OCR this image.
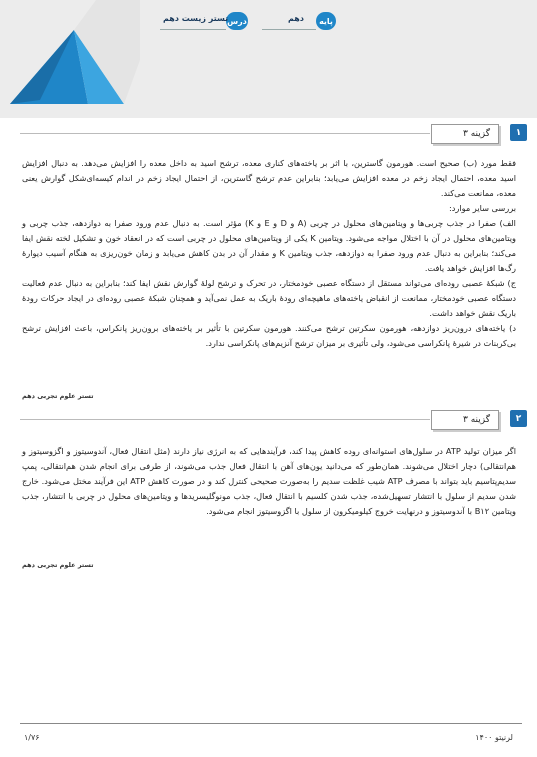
پایه
دهم
درس
تستر زیست دهم
۱
گزینه ۳

فقط مورد (ب) صحیح است. هورمون گاسترین، با اثر بر یاخته‌های کناری معده، ترشح اسید به داخل معده را افزایش می‌دهد. به دنبال افزایش اسید معده، احتمال ایجاد زخم در معده افزایش می‌یابد؛ بنابراین عدم ترشح گاسترین، از احتمال ایجاد زخم در اندام کیسه‌ای‌شکل گوارش یعنی معده، ممانعت می‌کند.

بررسی سایر موارد:

الف) صفرا در جذب چربی‌ها و ویتامین‌های محلول در چربی (A و D و E و K) مؤثر است. به دنبال عدم ورود صفرا به دوازدهه، جذب چربی و ویتامین‌های محلول در آن با اختلال مواجه می‌شود. ویتامین K یکی از ویتامین‌های محلول در چربی است که در انعقاد خون و تشکیل لخته نقش ایفا می‌کند؛ بنابراین به دنبال عدم ورود صفرا به دوازدهه، جذب ویتامین K و مقدار آن در بدن کاهش می‌یابد و زمان خون‌ریزی به هنگام آسیب دیوارهٔ رگ‌ها افزایش خواهد یافت.

ج) شبکهٔ عصبی روده‌ای می‌تواند مستقل از دستگاه عصبی خودمختار، در تحرک و ترشح لولهٔ گوارش نقش ایفا کند؛ بنابراین به دنبال عدم فعالیت دستگاه عصبی خودمختار، ممانعت از انقباض یاخته‌های ماهیچه‌ای رودهٔ باریک به عمل نمی‌آید و همچنان شبکهٔ عصبی روده‌ای در ایجاد حرکات رودهٔ باریک نقش خواهد داشت.

د) یاخته‌های درون‌ریز دوازدهه، هورمون سکرتین ترشح می‌کنند. هورمون سکرتین با تأثیر بر یاخته‌های برون‌ریز پانکراس، باعث افزایش ترشح بی‌کربنات در شیرهٔ پانکراسی می‌شود، ولی تأثیری بر میزان ترشح آنزیم‌های پانکراسی ندارد.

تستر علوم تجربی دهم
۲
گزینه ۳

اگر میزان تولید ATP در سلول‌های استوانه‌ای روده کاهش پیدا کند، فرآیندهایی که به انرژی نیاز دارند (مثل انتقال فعال، آندوسیتوز و اگزوسیتوز و هم‌انتقالی) دچار اختلال می‌شوند. همان‌طور که می‌دانید یون‌های آهن با انتقال فعال جذب می‌شوند، از طرفی برای انجام شدن هم‌انتقالی، پمپ سدیم‌پتاسیم باید بتواند با مصرف ATP شیب غلظت سدیم را به‌صورت صحیحی کنترل کند و در صورت کاهش ATP این فرآیند مختل می‌شود. خارج شدن سدیم از سلول با انتشار تسهیل‌شده، جذب شدن کلسیم با انتقال فعال، جذب مونوگلیسریدها و ویتامین‌های محلول در چربی با انتشار، جذب ویتامین B۱۲ با آندوسیتوز و درنهایت خروج کیلومیکرون از سلول با اگزوسیتوز انجام می‌شود.

تستر علوم تجربی دهم
۱/۷۶	لرنیتو ۱۴۰۰
